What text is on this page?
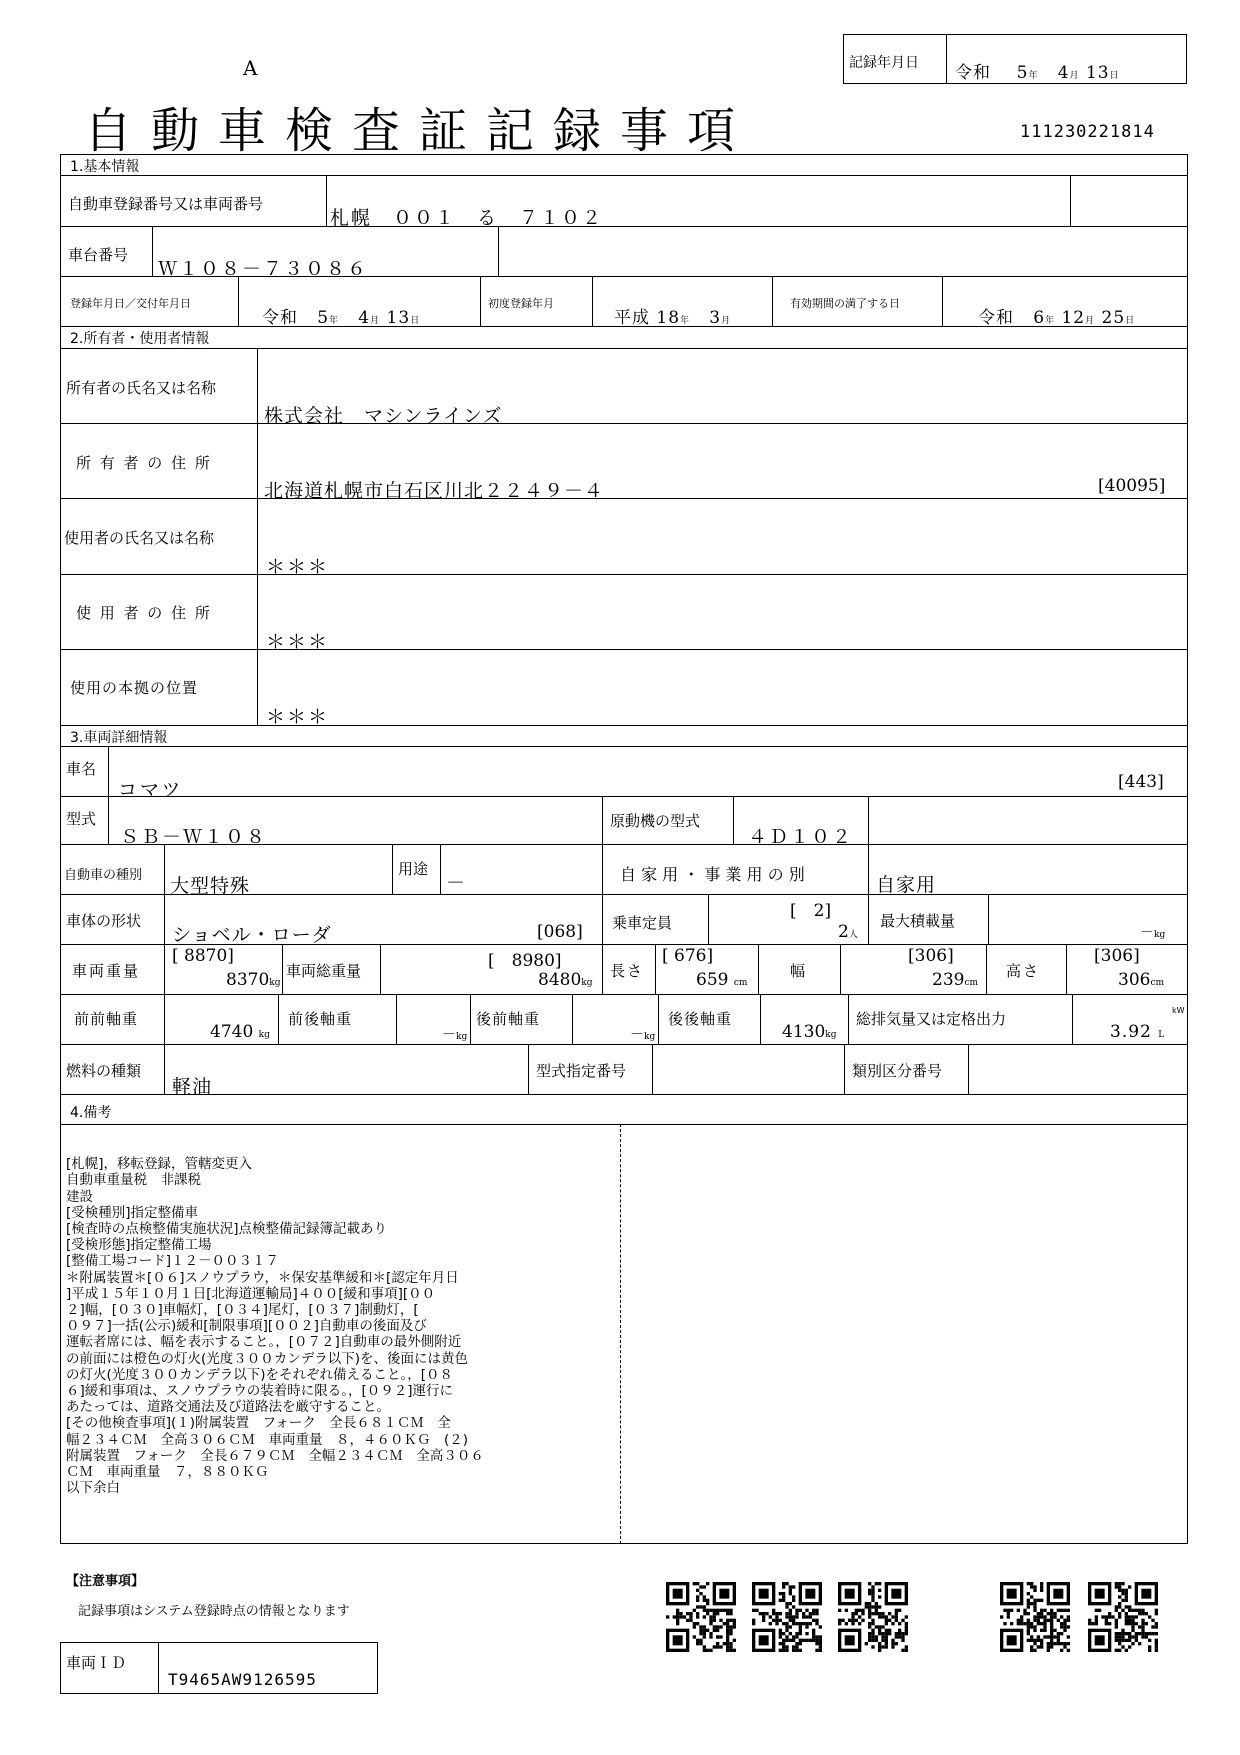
A
自動車検査証記録事項
記録年月日 令和 5年 4月 13日
111230221814
1.基本情報
自動車登録番号又は車両番号
札幌　００１　る　７１０２
車台番号
Ｗ１０８－７３０８６
登録年月日／交付年月日
令和 5年 4月 13日
初度登録年月
平成 18年 3月
有効期間の満了する日
令和 6年 12月 25日
2.所有者・使用者情報
所有者の氏名又は名称
株式会社　マシンラインズ
所 有 者 の 住 所
北海道札幌市白石区川北２２４９－４	[40095]
使用者の氏名又は名称
＊＊＊
使 用 者 の 住 所
＊＊＊
使用の本拠の位置
＊＊＊
3.車両詳細情報
車名
コマツ	[443]
型式
ＳＢ－Ｗ１０８
原動機の型式
４Ｄ１０２
自動車の種別 大型特殊
用途
－	自 家 用 ・ 事 業 用 の 別	自家用
車体の形状
ショベル・ローダ	[068] 乗車定員
[　2]
2人
最大積載量
－kg
車両重量
[ 8870]
8370kg
車両総重量	[　8980]
8480kg
長さ
[ 676]
659 cm
幅
[306]
239cm
高さ
[306]
306cm
前前軸重
4740 kg
前後軸重
－kg
後前軸重
－kg
後後軸重
4130kg
総排気量又は定格出力	kW
3.92 L
燃料の種類
軽油
型式指定番号	類別区分番号
4.備考

[札幌]，移転登録，管轄変更入
自動車重量税　非課税
建設
[受検種別]指定整備車
[検査時の点検整備実施状況]点検整備記録簿記載あり
[受検形態]指定整備工場
[整備工場コード]１２－００３１７
＊附属装置＊[０６]スノウプラウ，＊保安基準緩和＊[認定年月日
]平成１５年１０月１日[北海道運輸局]４００[緩和事項][００
２]幅，[０３０]車幅灯，[０３４]尾灯，[０３７]制動灯，[
０９７]一括(公示)緩和[制限事項][００２]自動車の後面及び
運転者席には、幅を表示すること。，[０７２]自動車の最外側附近
の前面には橙色の灯火(光度３００カンデラ以下)を、後面には黄色
の灯火(光度３００カンデラ以下)をそれぞれ備えること。，[０８
６]緩和事項は、スノウプラウの装着時に限る。，[０９２]運行に
あたっては、道路交通法及び道路法を厳守すること。
[その他検査事項](１)附属装置　フォーク　全長６８１ＣＭ　全
幅２３４ＣＭ　全高３０６ＣＭ　車両重量　８，４６０ＫＧ　(２)
附属装置　フォーク　全長６７９ＣＭ　全幅２３４ＣＭ　全高３０６
ＣＭ　車両重量　７，８８０ＫＧ
以下余白

【注意事項】
記録事項はシステム登録時点の情報となります
車両ＩＤ
T9465AW9126595
